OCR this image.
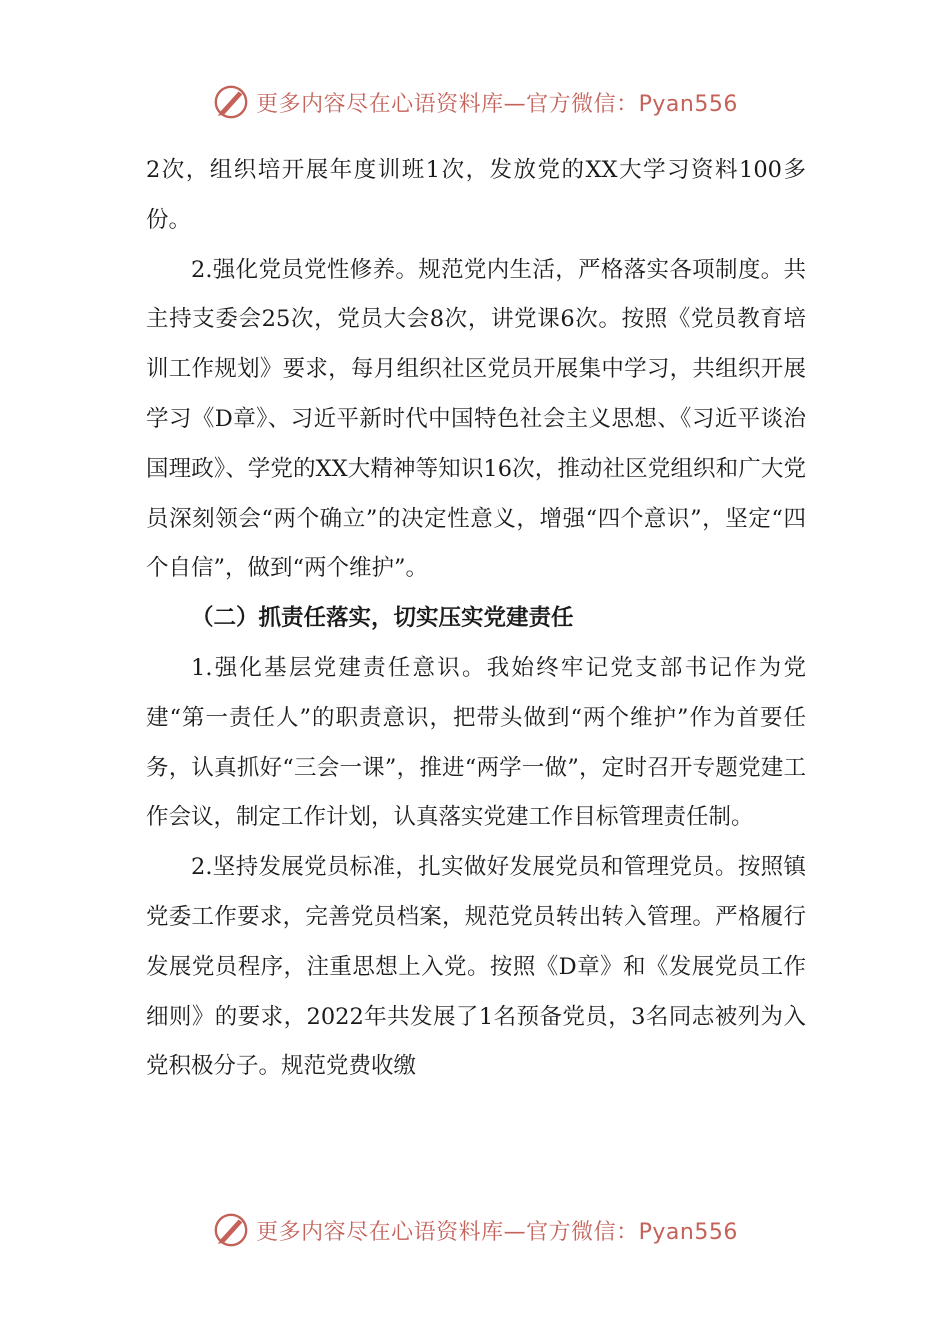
更多内容尽在心语资料库—官方微信：Pyan556

2次，组织培开展年度训班1次，发放党的XX大学习资料100多份。

2.强化党员党性修养。规范党内生活，严格落实各项制度。共主持支委会25次，党员大会8次，讲党课6次。按照《党员教育培训工作规划》要求，每月组织社区党员开展集中学习，共组织开展学习《D章》、习近平新时代中国特色社会主义思想、《习近平谈治国理政》、学党的XX大精神等知识16次，推动社区党组织和广大党员深刻领会“两个确立”的决定性意义，增强“四个意识”，坚定“四个自信”，做到“两个维护”。

（二）抓责任落实，切实压实党建责任

1.强化基层党建责任意识。我始终牢记党支部书记作为党建“第一责任人”的职责意识，把带头做到“两个维护”作为首要任务，认真抓好“三会一课”，推进“两学一做”，定时召开专题党建工作会议，制定工作计划，认真落实党建工作目标管理责任制。

2.坚持发展党员标准，扎实做好发展党员和管理党员。按照镇党委工作要求，完善党员档案，规范党员转出转入管理。严格履行发展党员程序，注重思想上入党。按照《D章》和《发展党员工作细则》的要求，2022年共发展了1名预备党员，3名同志被列为入党积极分子。规范党费收缴

更多内容尽在心语资料库—官方微信：Pyan556
